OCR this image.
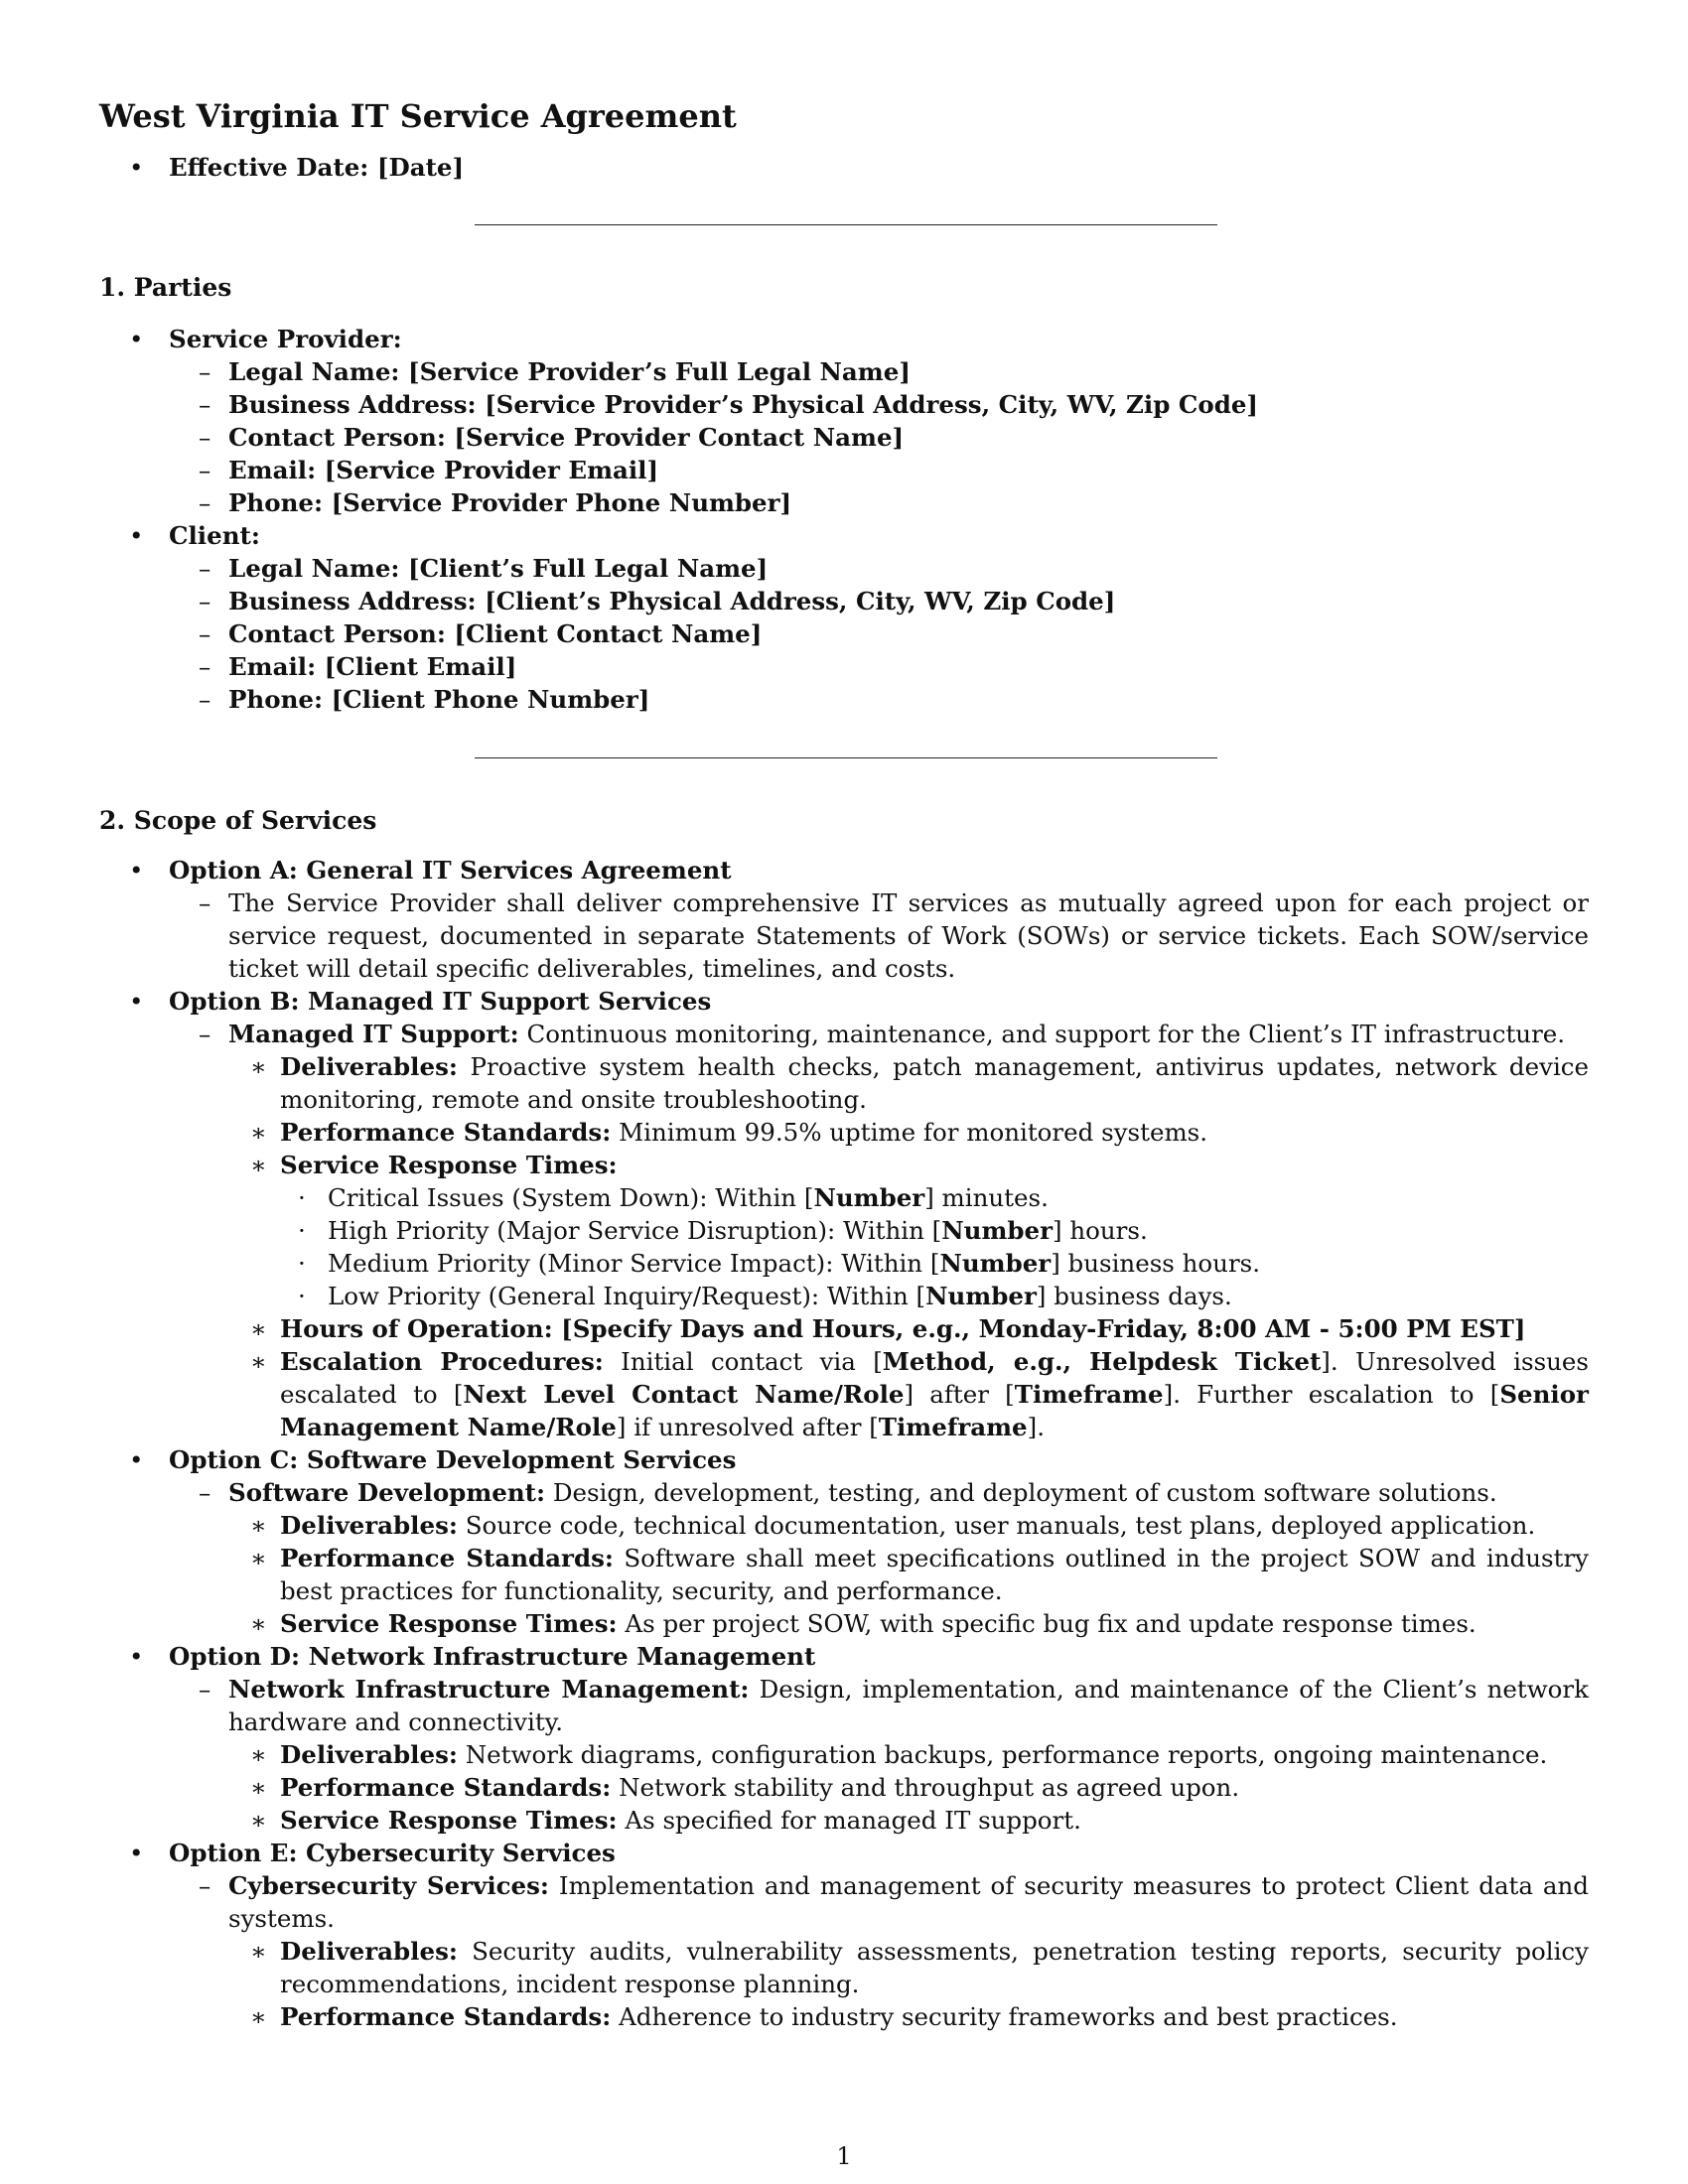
West Virginia IT Service Agreement
• Effective Date: [Date]
1. Parties
• Service Provider:
– Legal Name: [Service Provider’s Full Legal Name]
– Business Address: [Service Provider’s Physical Address, City, WV, Zip Code]
– Contact Person: [Service Provider Contact Name]
– Email: [Service Provider Email]
– Phone: [Service Provider Phone Number]
• Client:
– Legal Name: [Client’s Full Legal Name]
– Business Address: [Client’s Physical Address, City, WV, Zip Code]
– Contact Person: [Client Contact Name]
– Email: [Client Email]
– Phone: [Client Phone Number]
2. Scope of Services
• Option A: General IT Services Agreement
– The Service Provider shall deliver comprehensive IT services as mutually agreed upon for each project or service request, documented in separate Statements of Work (SOWs) or service tickets. Each SOW/service ticket will detail specific deliverables, timelines, and costs.
• Option B: Managed IT Support Services
– Managed IT Support: Continuous monitoring, maintenance, and support for the Client’s IT infrastructure.
∗ Deliverables: Proactive system health checks, patch management, antivirus updates, network device monitoring, remote and onsite troubleshooting.
∗ Performance Standards: Minimum 99.5% uptime for monitored systems.
∗ Service Response Times:
· Critical Issues (System Down): Within [Number] minutes.
· High Priority (Major Service Disruption): Within [Number] hours.
· Medium Priority (Minor Service Impact): Within [Number] business hours.
· Low Priority (General Inquiry/Request): Within [Number] business days.
∗ Hours of Operation: [Specify Days and Hours, e.g., Monday-Friday, 8:00 AM - 5:00 PM EST]
∗ Escalation Procedures: Initial contact via [Method, e.g., Helpdesk Ticket]. Unresolved issues escalated to [Next Level Contact Name/Role] after [Timeframe]. Further escalation to [Senior Management Name/Role] if unresolved after [Timeframe].
• Option C: Software Development Services
– Software Development: Design, development, testing, and deployment of custom software solutions.
∗ Deliverables: Source code, technical documentation, user manuals, test plans, deployed application.
∗ Performance Standards: Software shall meet specifications outlined in the project SOW and industry best practices for functionality, security, and performance.
∗ Service Response Times: As per project SOW, with specific bug fix and update response times.
• Option D: Network Infrastructure Management
– Network Infrastructure Management: Design, implementation, and maintenance of the Client’s network hardware and connectivity.
∗ Deliverables: Network diagrams, configuration backups, performance reports, ongoing maintenance.
∗ Performance Standards: Network stability and throughput as agreed upon.
∗ Service Response Times: As specified for managed IT support.
• Option E: Cybersecurity Services
– Cybersecurity Services: Implementation and management of security measures to protect Client data and systems.
∗ Deliverables: Security audits, vulnerability assessments, penetration testing reports, security policy recommendations, incident response planning.
∗ Performance Standards: Adherence to industry security frameworks and best practices.
1
